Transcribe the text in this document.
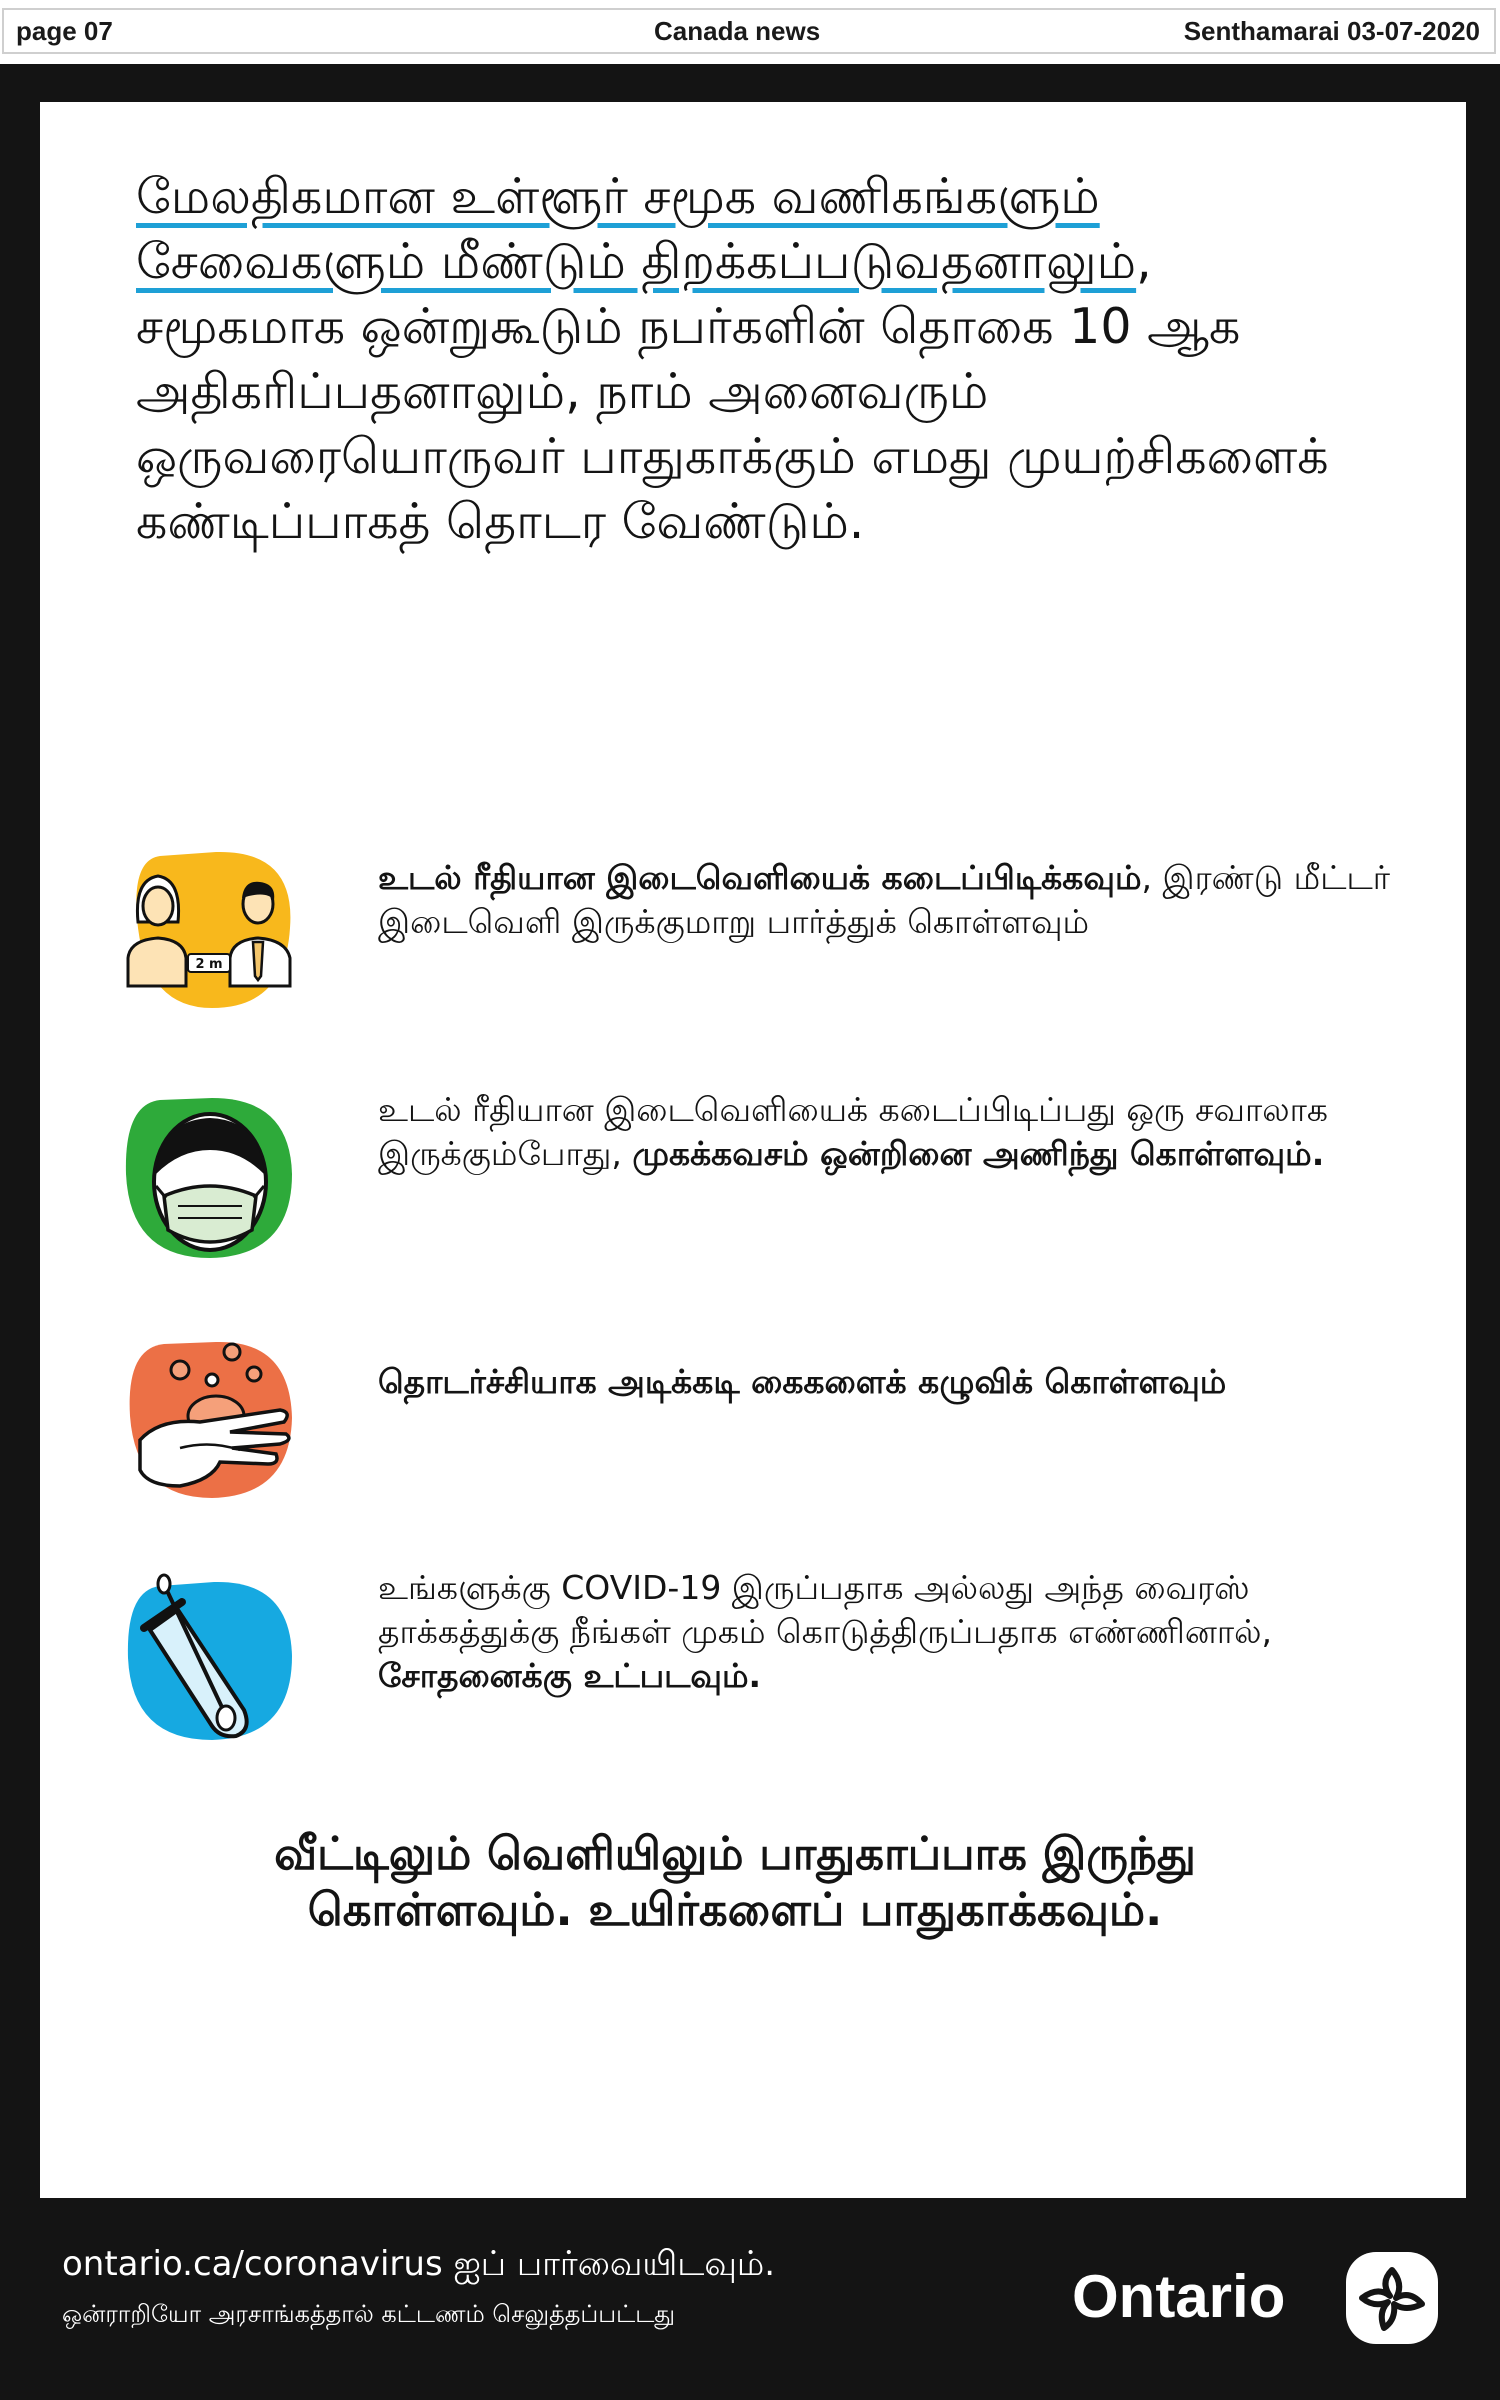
page 07	Canada news	Senthamarai 03-07-2020

மேலதிகமான உள்ளூர் சமூக வணிகங்களும் சேவைகளும் மீண்டும் திறக்கப்படுவதனாலும், சமூகமாக ஒன்றுகூடும் நபர்களின் தொகை 10 ஆக அதிகரிப்பதனாலும், நாம் அனைவரும் ஒருவரையொருவர் பாதுகாக்கும் எமது முயற்சிகளைக் கண்டிப்பாகத் தொடர வேண்டும்.

2 m
உடல் ரீதியான இடைவெளியைக் கடைப்பிடிக்கவும், இரண்டு மீட்டர் இடைவெளி இருக்குமாறு பார்த்துக் கொள்ளவும்
உடல் ரீதியான இடைவெளியைக் கடைப்பிடிப்பது ஒரு சவாலாக இருக்கும்போது, முகக்கவசம் ஒன்றினை அணிந்து கொள்ளவும்.
தொடர்ச்சியாக அடிக்கடி கைகளைக் கழுவிக் கொள்ளவும்
உங்களுக்கு COVID-19 இருப்பதாக அல்லது அந்த வைரஸ் தாக்கத்துக்கு நீங்கள் முகம் கொடுத்திருப்பதாக எண்ணினால், சோதனைக்கு உட்படவும்.

வீட்டிலும் வெளியிலும் பாதுகாப்பாக இருந்து கொள்ளவும். உயிர்களைப் பாதுகாக்கவும்.

ontario.ca/coronavirus ஐப் பார்வையிடவும்.
ஒன்ராறியோ அரசாங்கத்தால் கட்டணம் செலுத்தப்பட்டது	Ontario
